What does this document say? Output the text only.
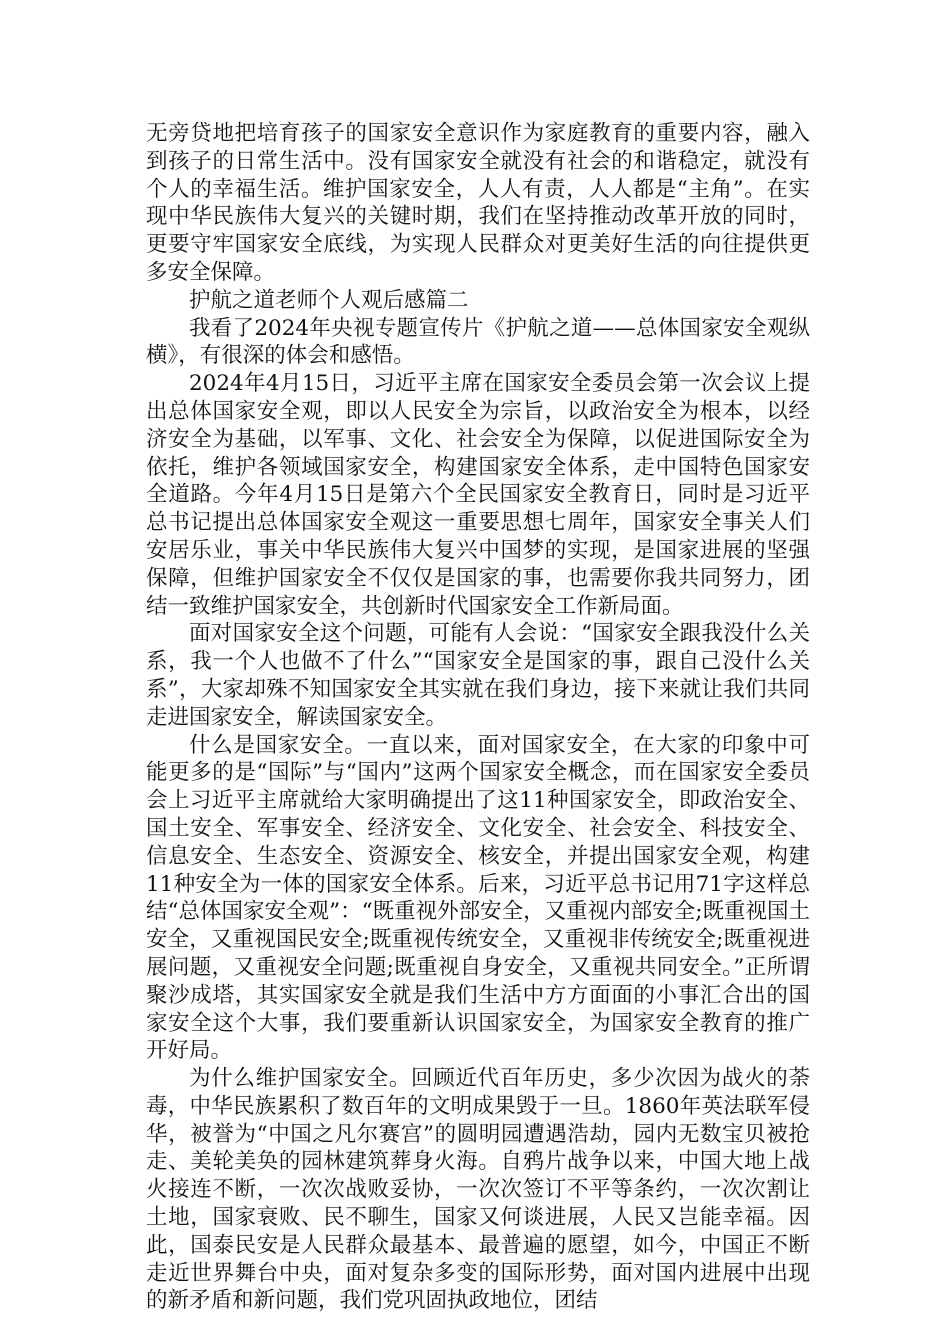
无旁贷地把培育孩子的国家安全意识作为家庭教育的重要内容，融入到孩子的日常生活中。没有国家安全就没有社会的和谐稳定，就没有个人的幸福生活。维护国家安全，人人有责，人人都是“主角”。在实现中华民族伟大复兴的关键时期，我们在坚持推动改革开放的同时，更要守牢国家安全底线，为实现人民群众对更美好生活的向往提供更多安全保障。

护航之道老师个人观后感篇二

我看了2024年央视专题宣传片《护航之道——总体国家安全观纵横》，有很深的体会和感悟。

2024年4月15日，习近平主席在国家安全委员会第一次会议上提出总体国家安全观，即以人民安全为宗旨，以政治安全为根本，以经济安全为基础，以军事、文化、社会安全为保障，以促进国际安全为依托，维护各领域国家安全，构建国家安全体系，走中国特色国家安全道路。今年4月15日是第六个全民国家安全教育日，同时是习近平总书记提出总体国家安全观这一重要思想七周年，国家安全事关人们安居乐业，事关中华民族伟大复兴中国梦的实现，是国家进展的坚强保障，但维护国家安全不仅仅是国家的事，也需要你我共同努力，团结一致维护国家安全，共创新时代国家安全工作新局面。

面对国家安全这个问题，可能有人会说：“国家安全跟我没什么关系，我一个人也做不了什么”“国家安全是国家的事，跟自己没什么关系”，大家却殊不知国家安全其实就在我们身边，接下来就让我们共同走进国家安全，解读国家安全。

什么是国家安全。一直以来，面对国家安全，在大家的印象中可能更多的是“国际”与“国内”这两个国家安全概念，而在国家安全委员会上习近平主席就给大家明确提出了这11种国家安全，即政治安全、国土安全、军事安全、经济安全、文化安全、社会安全、科技安全、信息安全、生态安全、资源安全、核安全，并提出国家安全观，构建11种安全为一体的国家安全体系。后来，习近平总书记用71字这样总结“总体国家安全观”：“既重视外部安全，又重视内部安全;既重视国土安全，又重视国民安全;既重视传统安全，又重视非传统安全;既重视进展问题，又重视安全问题;既重视自身安全，又重视共同安全。”正所谓聚沙成塔，其实国家安全就是我们生活中方方面面的小事汇合出的国家安全这个大事，我们要重新认识国家安全，为国家安全教育的推广开好局。

为什么维护国家安全。回顾近代百年历史，多少次因为战火的荼毒，中华民族累积了数百年的文明成果毁于一旦。1860年英法联军侵华，被誉为“中国之凡尔赛宫”的圆明园遭遇浩劫，园内无数宝贝被抢走、美轮美奂的园林建筑葬身火海。自鸦片战争以来，中国大地上战火接连不断，一次次战败妥协，一次次签订不平等条约，一次次割让土地，国家衰败、民不聊生，国家又何谈进展，人民又岂能幸福。因此，国泰民安是人民群众最基本、最普遍的愿望，如今，中国正不断走近世界舞台中央，面对复杂多变的国际形势，面对国内进展中出现的新矛盾和新问题，我们党巩固执政地位，团结
